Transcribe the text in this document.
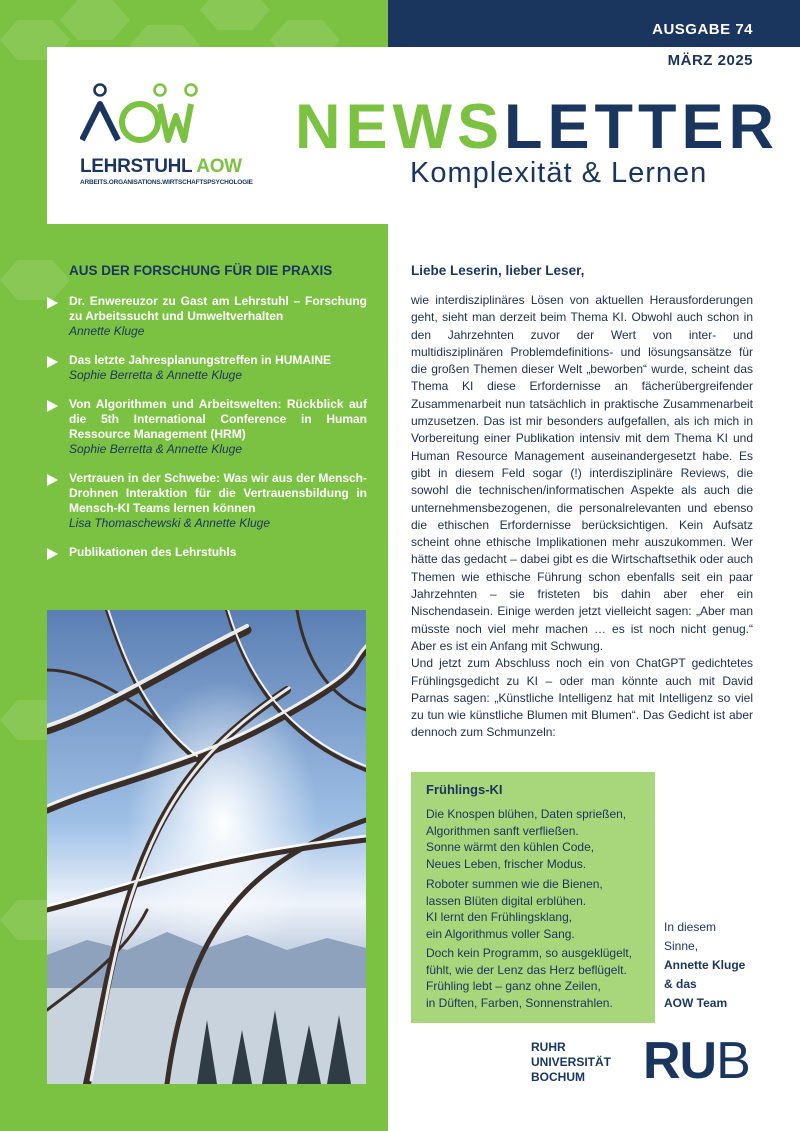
AUSGABE 74
MÄRZ 2025
LEHRSTUHL AOW
ARBEITS.ORGANISATIONS.WIRTSCHAFTSPSYCHOLOGIE
NEWSLETTER
Komplexität & Lernen
AUS DER FORSCHUNG FÜR DIE PRAXIS
Dr. Enwereuzor zu Gast am Lehrstuhl – Forschung zu Arbeitssucht und Umweltverhalten
Annette Kluge
Das letzte Jahresplanungstreffen in HUMAINE
Sophie Berretta & Annette Kluge
Von Algorithmen und Arbeitswelten: Rückblick auf die 5th International Conference in Human Ressource Management (HRM)
Sophie Berretta & Annette Kluge
Vertrauen in der Schwebe: Was wir aus der Mensch-Drohnen Interaktion für die Vertrauensbildung in Mensch-KI Teams lernen können
Lisa Thomaschewski & Annette Kluge
Publikationen des Lehrstuhls
Liebe Leserin, lieber Leser,

wie interdisziplinäres Lösen von aktuellen Herausforderungen geht, sieht man derzeit beim Thema KI. Obwohl auch schon in den Jahrzehnten zuvor der Wert von inter- und multidisziplinären Problemdefinitions- und lösungsansätze für die großen Themen dieser Welt „beworben“ wurde, scheint das Thema KI diese Erfordernisse an fächerübergreifender Zusammenarbeit nun tatsächlich in praktische Zusammenarbeit umzusetzen. Das ist mir besonders aufgefallen, als ich mich in Vorbereitung einer Publikation intensiv mit dem Thema KI und Human Resource Management auseinandergesetzt habe. Es gibt in diesem Feld sogar (!) interdisziplinäre Reviews, die sowohl die technischen/informatischen Aspekte als auch die unternehmensbezogenen, die personalrelevanten und ebenso die ethischen Erfordernisse berücksichtigen. Kein Aufsatz scheint ohne ethische Implikationen mehr auszukommen. Wer hätte das gedacht – dabei gibt es die Wirtschaftsethik oder auch Themen wie ethische Führung schon ebenfalls seit ein paar Jahrzehnten – sie fristeten bis dahin aber eher ein Nischendasein. Einige werden jetzt vielleicht sagen: „Aber man müsste noch viel mehr machen … es ist noch nicht genug.“ Aber es ist ein Anfang mit Schwung.

Und jetzt zum Abschluss noch ein von ChatGPT gedichtetes Frühlingsgedicht zu KI – oder man könnte auch mit David Parnas sagen: „Künstliche Intelligenz hat mit Intelligenz so viel zu tun wie künstliche Blumen mit Blumen“. Das Gedicht ist aber dennoch zum Schmunzeln:

Frühlings-KI
Die Knospen blühen, Daten sprießen,
Algorithmen sanft verfließen.
Sonne wärmt den kühlen Code,
Neues Leben, frischer Modus.
Roboter summen wie die Bienen,
lassen Blüten digital erblühen.
KI lernt den Frühlingsklang,
ein Algorithmus voller Sang.
Doch kein Programm, so ausgeklügelt,
fühlt, wie der Lenz das Herz beflügelt.
Frühling lebt – ganz ohne Zeilen,
in Düften, Farben, Sonnenstrahlen.
In diesem
Sinne,
Annette Kluge
& das
AOW Team
RUHR
UNIVERSITÄT
BOCHUM	RUB
